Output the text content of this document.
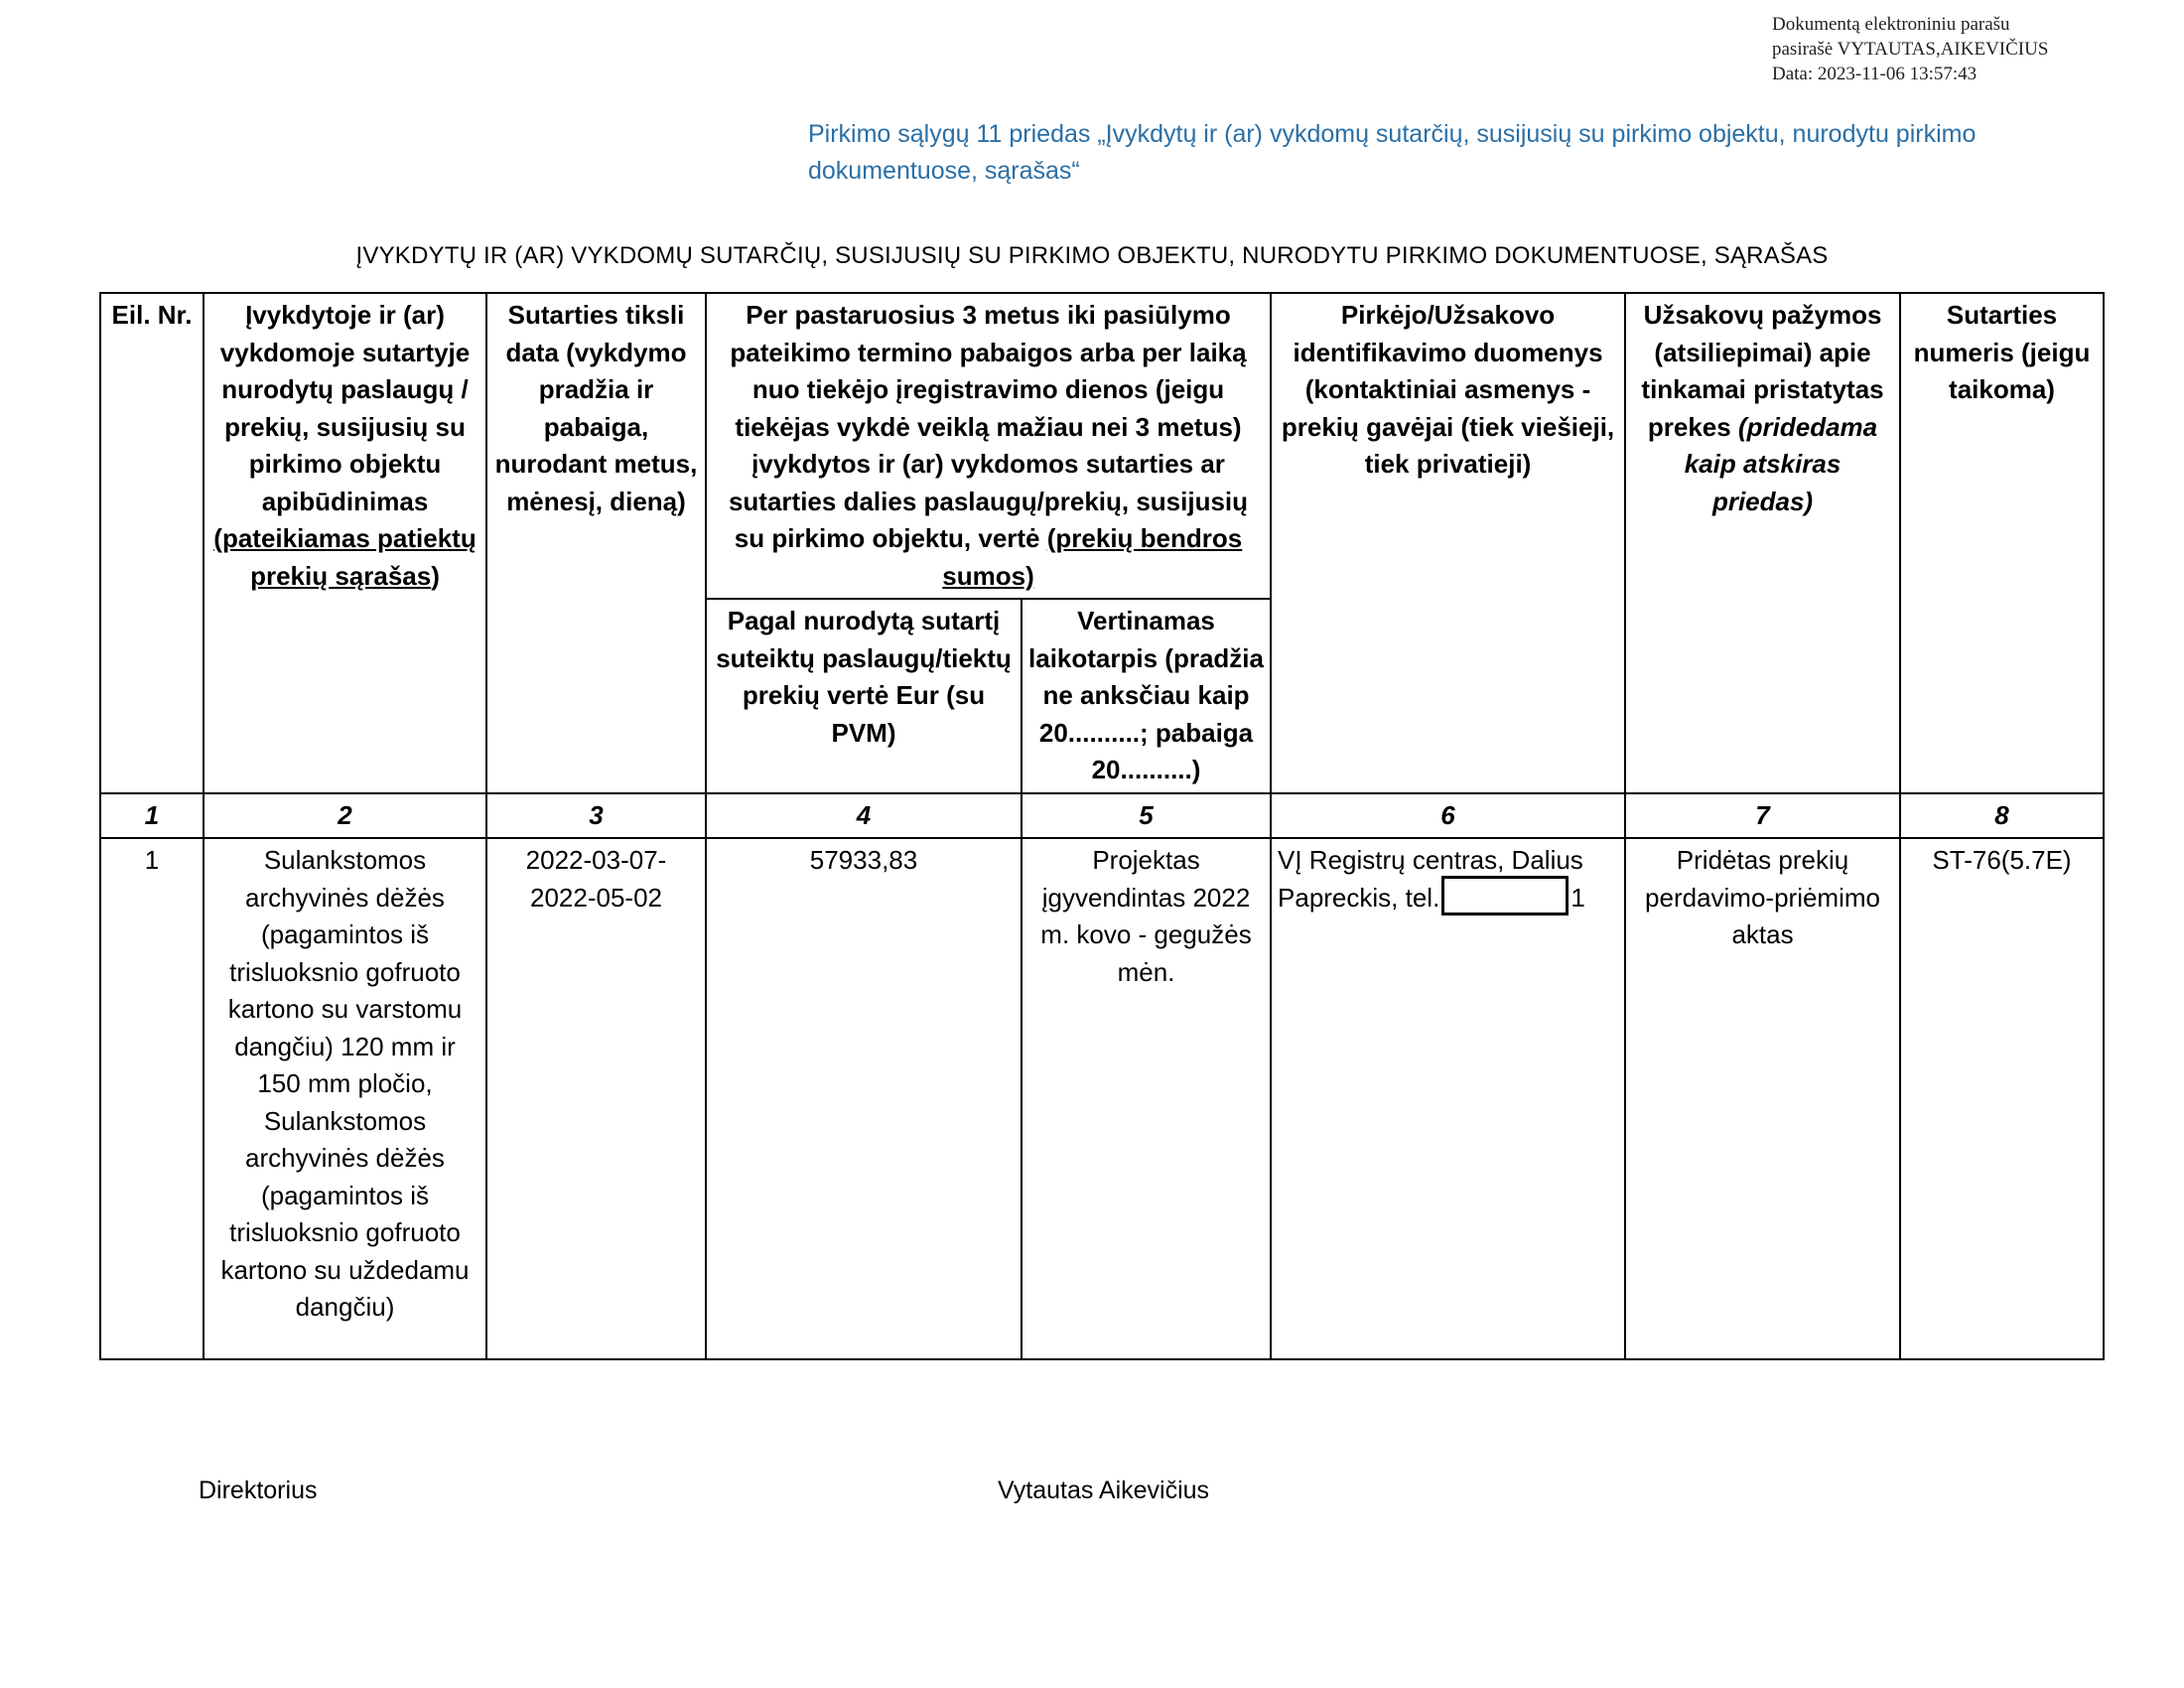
Dokumentą elektroniniu parašu
pasirašė VYTAUTAS,AIKEVIČIUS
Data: 2023-11-06 13:57:43
Pirkimo sąlygų 11 priedas „Įvykdytų ir (ar) vykdomų sutarčių, susijusių su pirkimo objektu, nurodytu pirkimo dokumentuose, sąrašas“
ĮVYKDYTŲ IR (AR) VYKDOMŲ SUTARČIŲ, SUSIJUSIŲ SU PIRKIMO OBJEKTU, NURODYTU PIRKIMO DOKUMENTUOSE, SĄRAŠAS
Eil. Nr.	Įvykdytoje ir (ar) vykdomoje sutartyje nurodytų paslaugų / prekių, susijusių su pirkimo objektu apibūdinimas (pateikiamas patiektų prekių sąrašas)	Sutarties tiksli data (vykdymo pradžia ir pabaiga, nurodant metus, mėnesį, dieną)	Per pastaruosius 3 metus iki pasiūlymo pateikimo termino pabaigos arba per laiką nuo tiekėjo įregistravimo dienos (jeigu tiekėjas vykdė veiklą mažiau nei 3 metus) įvykdytos ir (ar) vykdomos sutarties ar sutarties dalies paslaugų/prekių, susijusių su pirkimo objektu, vertė (prekių bendros sumos)		Pirkėjo/Užsakovo identifikavimo duomenys (kontaktiniai asmenys - prekių gavėjai (tiek viešieji, tiek privatieji)	Užsakovų pažymos (atsiliepimai) apie tinkamai pristatytas prekes (pridedama kaip atskiras priedas)	Sutarties numeris (jeigu taikoma)
			Pagal nurodytą sutartį suteiktų paslaugų/tiektų prekių vertė Eur (su PVM)	Vertinamas laikotarpis (pradžia ne anksčiau kaip 20..........; pabaiga 20..........)			
1	2	3	4	5	6	7	8
1	Sulankstomos archyvinės dėžės (pagamintos iš trisluoksnio gofruoto kartono su varstomu dangčiu) 120 mm ir 150 mm pločio, Sulankstomos archyvinės dėžės (pagamintos iš trisluoksnio gofruoto kartono su uždedamu dangčiu)	2022-03-07-2022-05-02	57933,83	Projektas įgyvendintas 2022 m. kovo - gegužės mėn.	VĮ Registrų centras, Dalius Papreckis, tel. 1	Pridėtas prekių perdavimo-priėmimo aktas	ST-76(5.7E)
Direktorius	Vytautas Aikevičius
